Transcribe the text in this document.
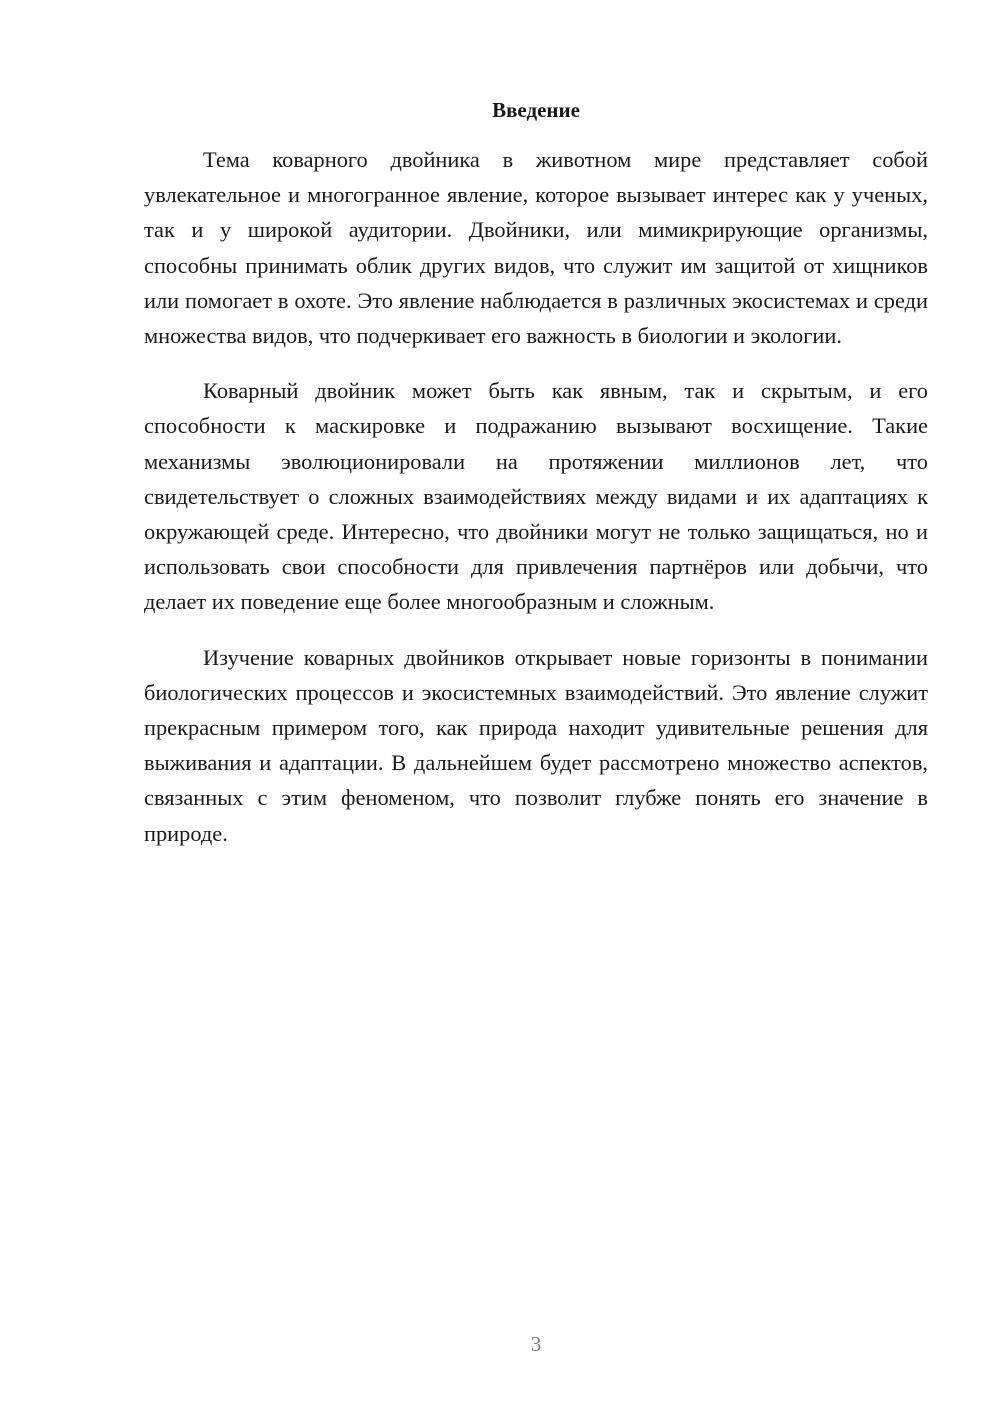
Введение

Тема коварного двойника в животном мире представляет собой увлекательное и многогранное явление, которое вызывает интерес как у ученых, так и у широкой аудитории. Двойники, или мимикрирующие организмы, способны принимать облик других видов, что служит им защитой от хищников или помогает в охоте. Это явление наблюдается в различных экосистемах и среди множества видов, что подчеркивает его важность в биологии и экологии.

Коварный двойник может быть как явным, так и скрытым, и его способности к маскировке и подражанию вызывают восхищение. Такие механизмы эволюционировали на протяжении миллионов лет, что свидетельствует о сложных взаимодействиях между видами и их адаптациях к окружающей среде. Интересно, что двойники могут не только защищаться, но и использовать свои способности для привлечения партнёров или добычи, что делает их поведение еще более многообразным и сложным.

Изучение коварных двойников открывает новые горизонты в понимании биологических процессов и экосистемных взаимодействий. Это явление служит прекрасным примером того, как природа находит удивительные решения для выживания и адаптации. В дальнейшем будет рассмотрено множество аспектов, связанных с этим феноменом, что позволит глубже понять его значение в природе.

3
